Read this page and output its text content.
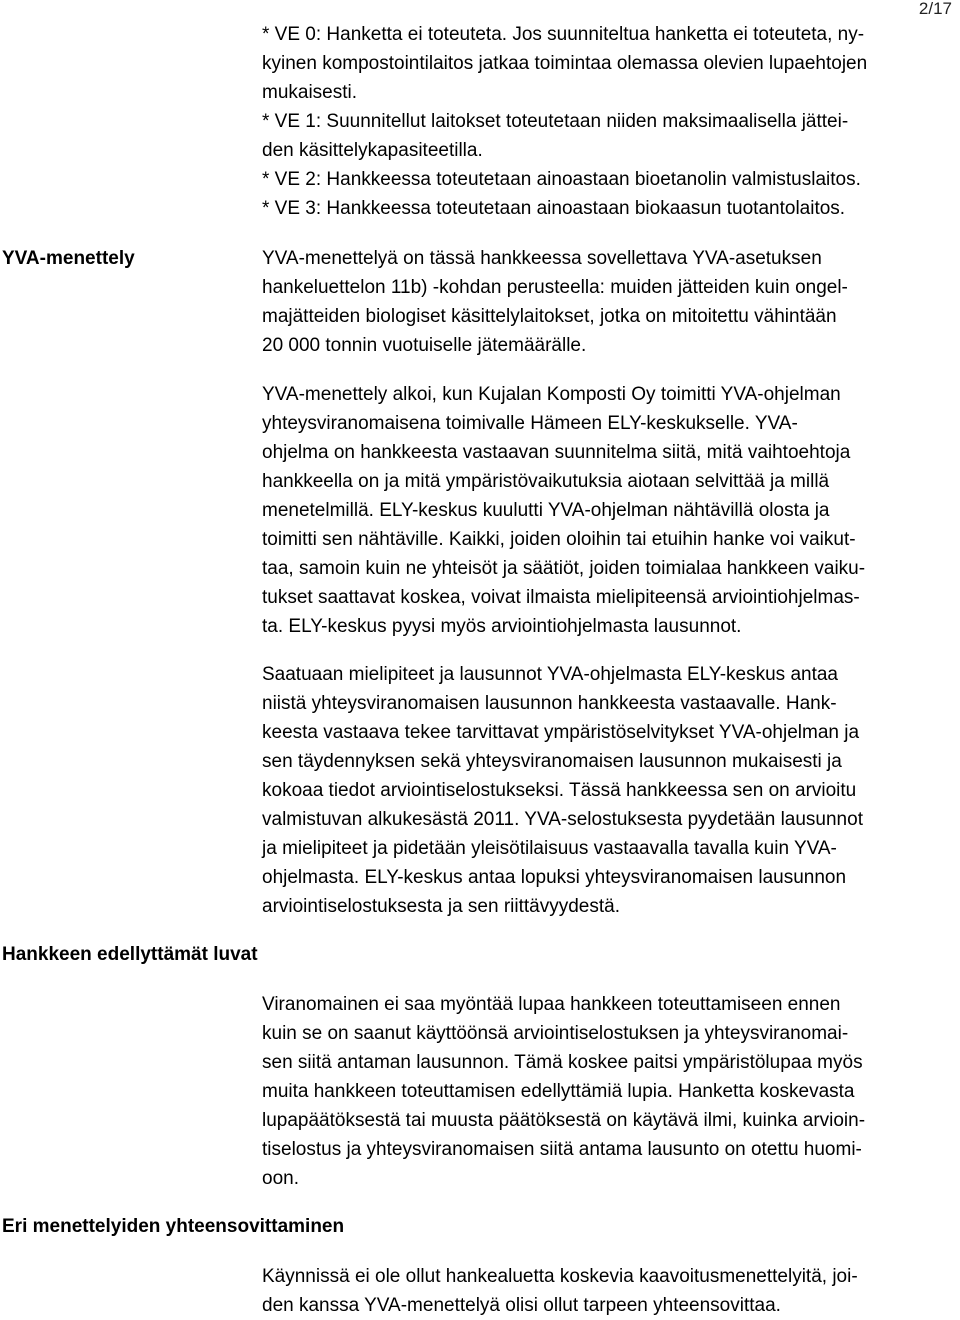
2/17
* VE 0: Hanketta ei toteuteta. Jos suunniteltua hanketta ei toteuteta, ny-
kyinen kompostointilaitos jatkaa toimintaa olemassa olevien lupaehtojen
mukaisesti.
* VE 1: Suunnitellut laitokset toteutetaan niiden maksimaalisella jättei-
den käsittelykapasiteetilla.
* VE 2: Hankkeessa toteutetaan ainoastaan bioetanolin valmistuslaitos.
* VE 3: Hankkeessa toteutetaan ainoastaan biokaasun tuotantolaitos.
YVA-menettely	YVA-menettelyä on tässä hankkeessa sovellettava YVA-asetuksen
hankeluettelon 11b) -kohdan perusteella: muiden jätteiden kuin ongel-
majätteiden biologiset käsittelylaitokset, jotka on mitoitettu vähintään
20 000 tonnin vuotuiselle jätemäärälle.
YVA-menettely alkoi, kun Kujalan Komposti Oy toimitti YVA-ohjelman
yhteysviranomaisena toimivalle Hämeen ELY-keskukselle. YVA-
ohjelma on hankkeesta vastaavan suunnitelma siitä, mitä vaihtoehtoja
hankkeella on ja mitä ympäristövaikutuksia aiotaan selvittää ja millä
menetelmillä. ELY-keskus kuulutti YVA-ohjelman nähtävillä olosta ja
toimitti sen nähtäville. Kaikki, joiden oloihin tai etuihin hanke voi vaikut-
taa, samoin kuin ne yhteisöt ja säätiöt, joiden toimialaa hankkeen vaiku-
tukset saattavat koskea, voivat ilmaista mielipiteensä arviointiohjelmas-
ta. ELY-keskus pyysi myös arviointiohjelmasta lausunnot.
Saatuaan mielipiteet ja lausunnot YVA-ohjelmasta ELY-keskus antaa
niistä yhteysviranomaisen lausunnon hankkeesta vastaavalle. Hank-
keesta vastaava tekee tarvittavat ympäristöselvitykset YVA-ohjelman ja
sen täydennyksen sekä yhteysviranomaisen lausunnon mukaisesti ja
kokoaa tiedot arviointiselostukseksi. Tässä hankkeessa sen on arvioitu
valmistuvan alkukesästä 2011. YVA-selostuksesta pyydetään lausunnot
ja mielipiteet ja pidetään yleisötilaisuus vastaavalla tavalla kuin YVA-
ohjelmasta. ELY-keskus antaa lopuksi yhteysviranomaisen lausunnon
arviointiselostuksesta ja sen riittävyydestä.
Hankkeen edellyttämät luvat
Viranomainen ei saa myöntää lupaa hankkeen toteuttamiseen ennen
kuin se on saanut käyttöönsä arviointiselostuksen ja yhteysviranomai-
sen siitä antaman lausunnon. Tämä koskee paitsi ympäristölupaa myös
muita hankkeen toteuttamisen edellyttämiä lupia. Hanketta koskevasta
lupapäätöksestä tai muusta päätöksestä on käytävä ilmi, kuinka arvioin-
tiselostus ja yhteysviranomaisen siitä antama lausunto on otettu huomi-
oon.
Eri menettelyiden yhteensovittaminen
Käynnissä ei ole ollut hankealuetta koskevia kaavoitusmenettelyitä, joi-
den kanssa YVA-menettelyä olisi ollut tarpeen yhteensovittaa.
